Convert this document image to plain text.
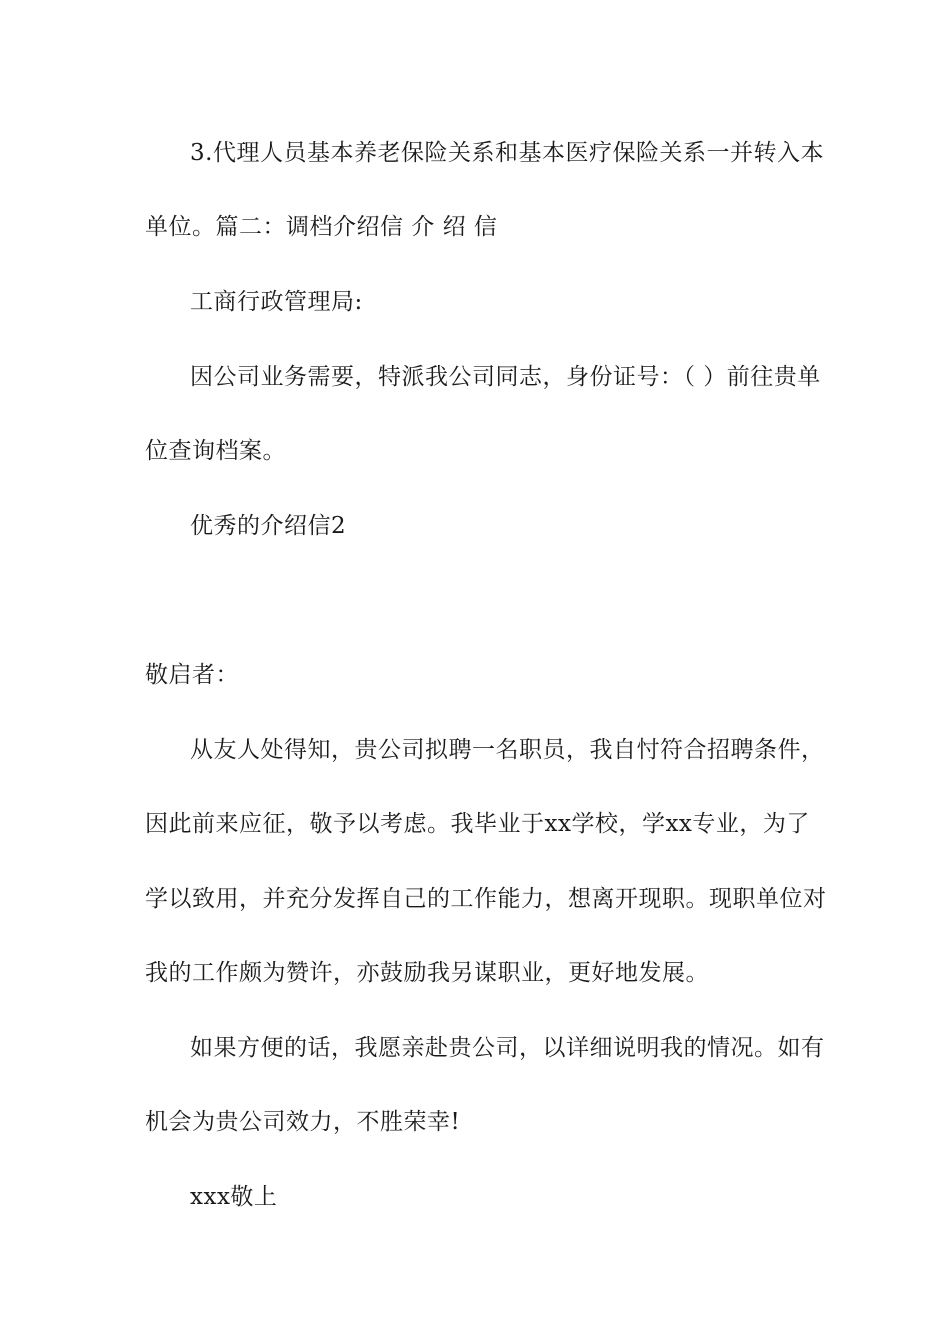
3.代理人员基本养老保险关系和基本医疗保险关系一并转入本
单位。篇二：调档介绍信 介 绍 信
工商行政管理局:
因公司业务需要，特派我公司同志，身份证号：（ ）前往贵单
位查询档案。
优秀的介绍信2
敬启者：
从友人处得知，贵公司拟聘一名职员，我自忖符合招聘条件，
因此前来应征，敬予以考虑。我毕业于xx学校，学xx专业，为了
学以致用，并充分发挥自己的工作能力，想离开现职。现职单位对
我的工作颇为赞许，亦鼓励我另谋职业，更好地发展。
如果方便的话，我愿亲赴贵公司，以详细说明我的情况。如有
机会为贵公司效力，不胜荣幸!
xxx敬上
